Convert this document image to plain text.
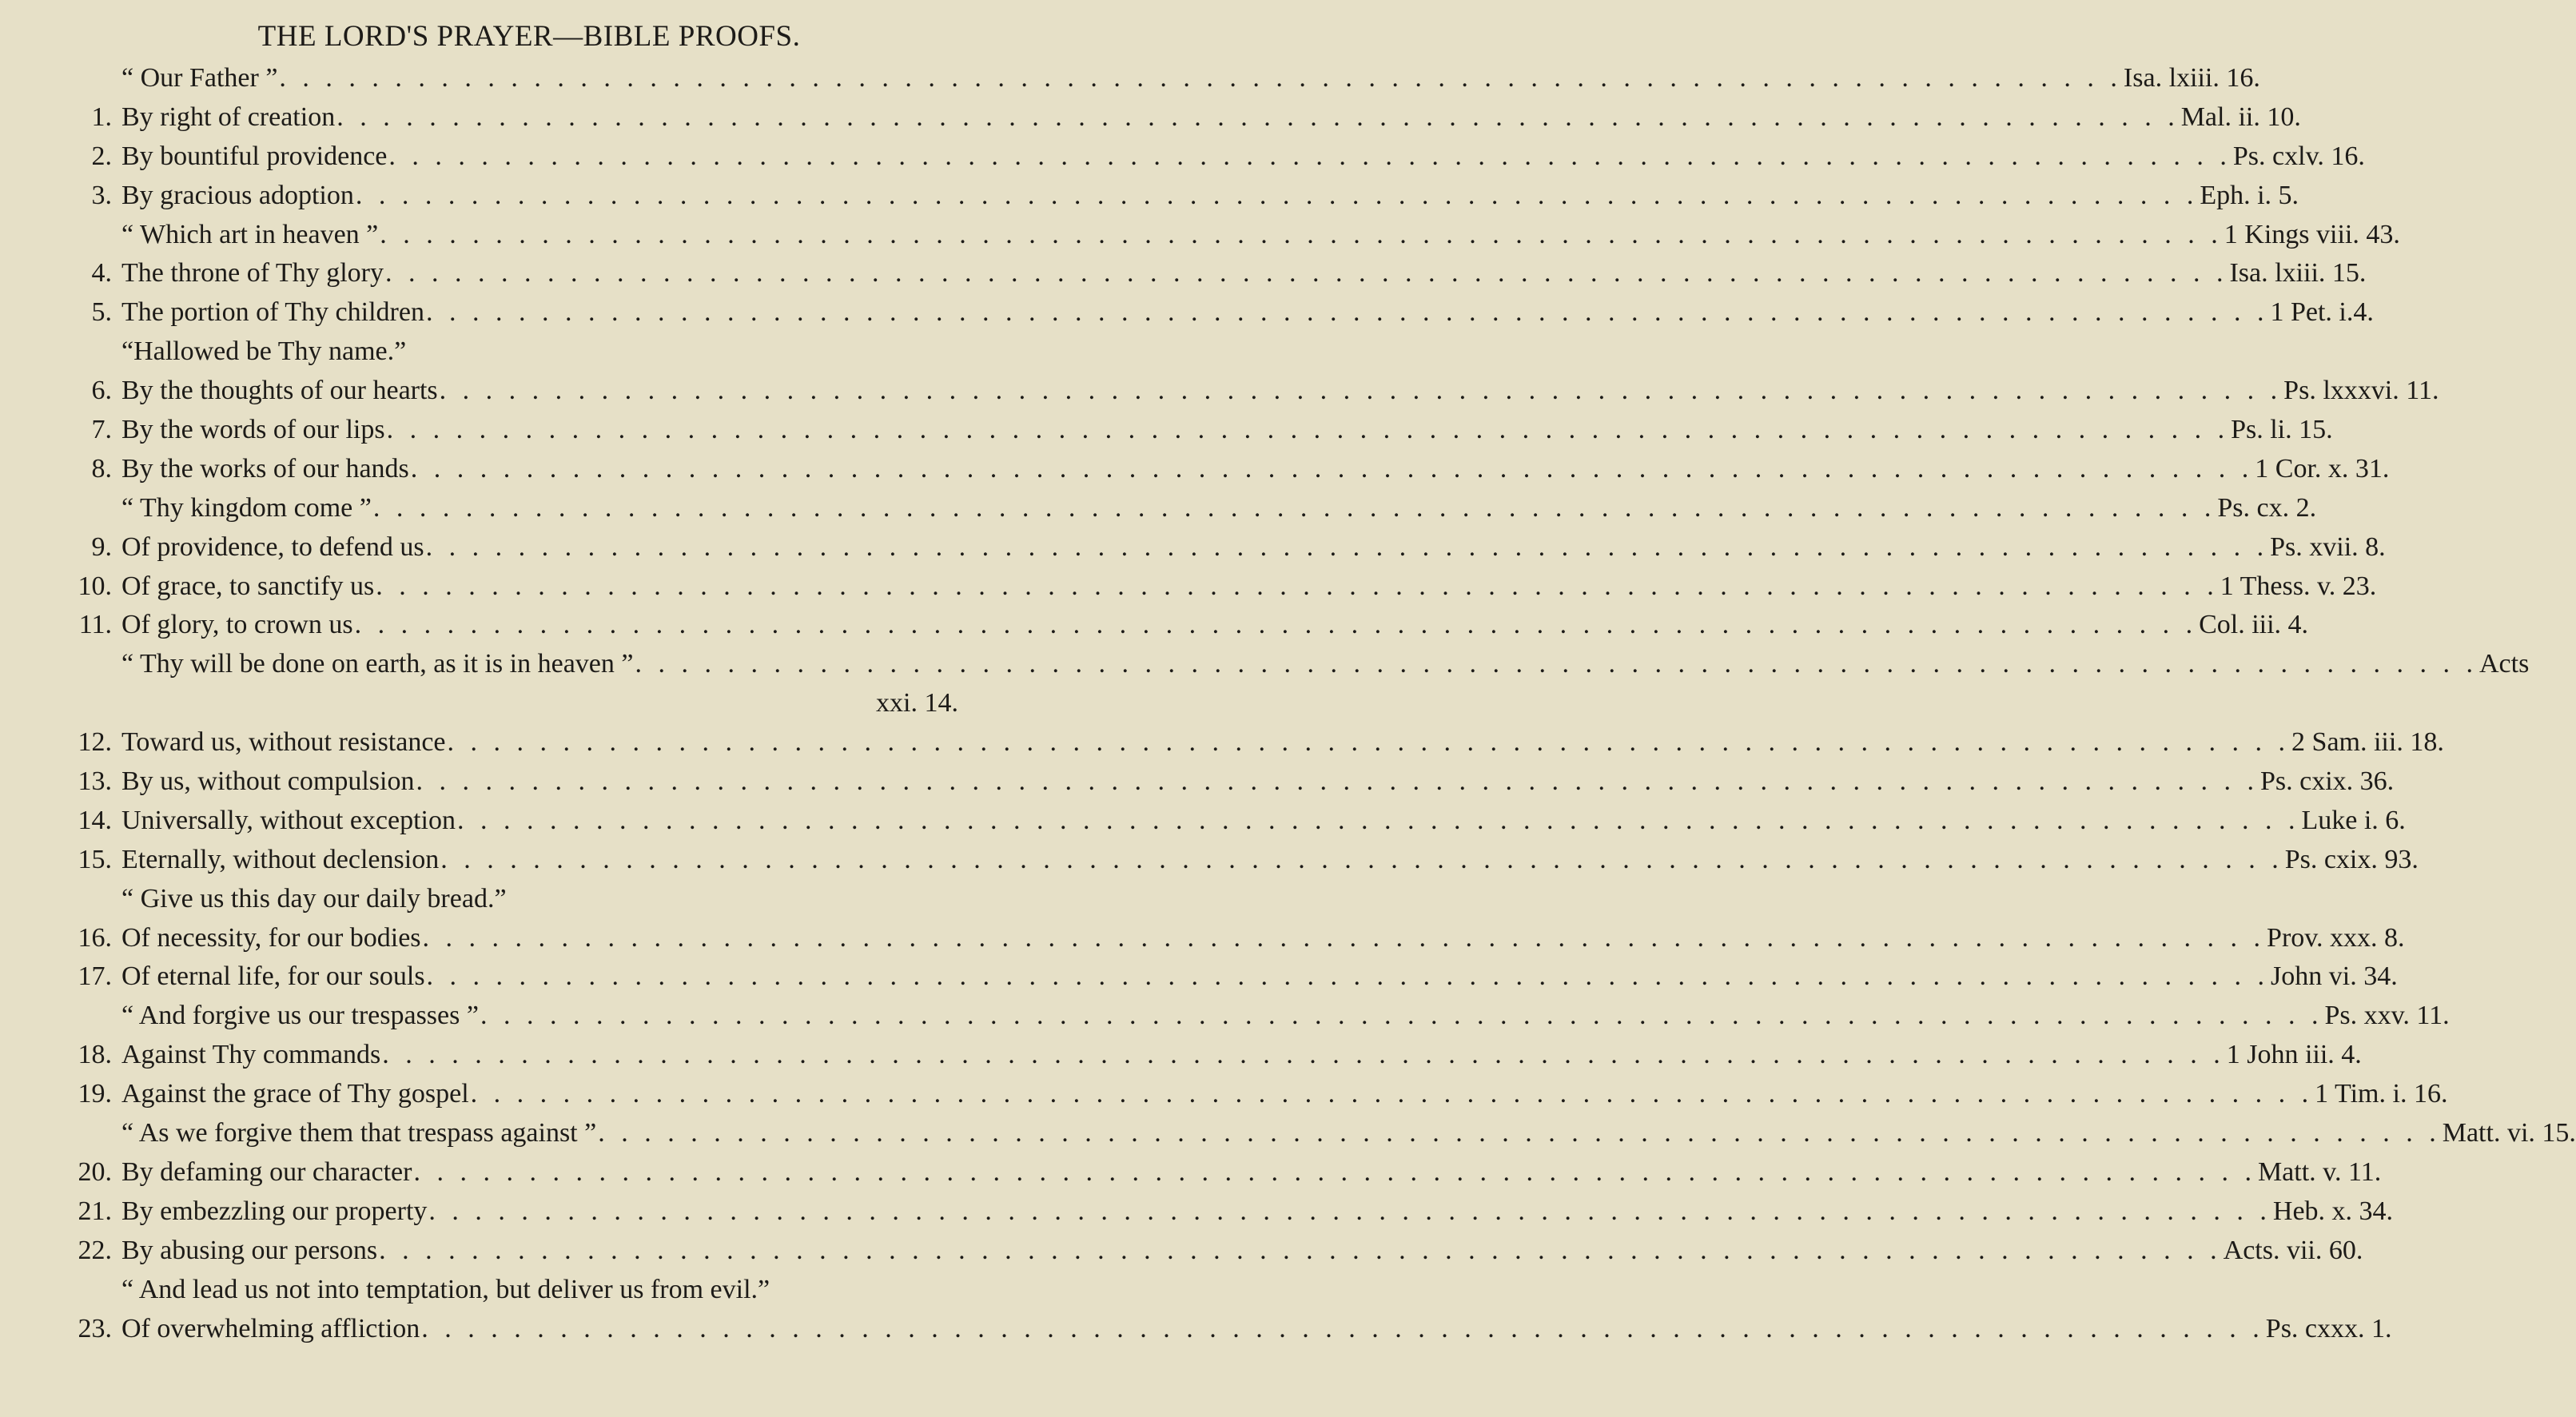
THE LORD'S PRAYER—BIBLE PROOFS.
“ Our Father ” . . . . . . . . . . . . . . . . . . . . . . . . . . . . . . . . . . . . . . . . . . . . . . . . . . . . . . . . . . . . . . . . . . . . . . . . . . . . . . . . Isa. lxiii. 16.
1. By right of creation . . . . . . . . . . . . . . . . . . . . . . . . . . . . . . . . . . . . . . . . . . . . . . . . . . . . . . . . . . . . . . . . . . . . . . . . . . . . . . . . Mal. ii. 10.
2. By bountiful providence . . . . . . . . . . . . . . . . . . . . . . . . . . . . . . . . . . . . . . . . . . . . . . . . . . . . . . . . . . . . . . . . . . . . . . . . . . . . . . . . Ps. cxlv. 16.
3. By gracious adoption . . . . . . . . . . . . . . . . . . . . . . . . . . . . . . . . . . . . . . . . . . . . . . . . . . . . . . . . . . . . . . . . . . . . . . . . . . . . . . . . Eph. i. 5.
“ Which art in heaven ” . . . . . . . . . . . . . . . . . . . . . . . . . . . . . . . . . . . . . . . . . . . . . . . . . . . . . . . . . . . . . . . . . . . . . . . . . . . . . . . . 1 Kings viii. 43.
4. The throne of Thy glory . . . . . . . . . . . . . . . . . . . . . . . . . . . . . . . . . . . . . . . . . . . . . . . . . . . . . . . . . . . . . . . . . . . . . . . . . . . . . . . . Isa. lxiii. 15.
5. The portion of Thy children . . . . . . . . . . . . . . . . . . . . . . . . . . . . . . . . . . . . . . . . . . . . . . . . . . . . . . . . . . . . . . . . . . . . . . . . . . . . . . . . 1 Pet. i.4.
“Hallowed be Thy name.”
6. By the thoughts of our hearts . . . . . . . . . . . . . . . . . . . . . . . . . . . . . . . . . . . . . . . . . . . . . . . . . . . . . . . . . . . . . . . . . . . . . . . . . . . . . . . . Ps. lxxxvi. 11.
7. By the words of our lips . . . . . . . . . . . . . . . . . . . . . . . . . . . . . . . . . . . . . . . . . . . . . . . . . . . . . . . . . . . . . . . . . . . . . . . . . . . . . . . . Ps. li. 15.
8. By the works of our hands . . . . . . . . . . . . . . . . . . . . . . . . . . . . . . . . . . . . . . . . . . . . . . . . . . . . . . . . . . . . . . . . . . . . . . . . . . . . . . . . 1 Cor. x. 31.
“ Thy kingdom come ” . . . . . . . . . . . . . . . . . . . . . . . . . . . . . . . . . . . . . . . . . . . . . . . . . . . . . . . . . . . . . . . . . . . . . . . . . . . . . . . . Ps. cx. 2.
9. Of providence, to defend us . . . . . . . . . . . . . . . . . . . . . . . . . . . . . . . . . . . . . . . . . . . . . . . . . . . . . . . . . . . . . . . . . . . . . . . . . . . . . . . . Ps. xvii. 8.
10. Of grace, to sanctify us . . . . . . . . . . . . . . . . . . . . . . . . . . . . . . . . . . . . . . . . . . . . . . . . . . . . . . . . . . . . . . . . . . . . . . . . . . . . . . . . 1 Thess. v. 23.
11. Of glory, to crown us . . . . . . . . . . . . . . . . . . . . . . . . . . . . . . . . . . . . . . . . . . . . . . . . . . . . . . . . . . . . . . . . . . . . . . . . . . . . . . . . Col. iii. 4.
“ Thy will be done on earth, as it is in heaven ” . . . . . . . . . . . . . . . . . . . . . . . . . . . . . . . . . . . . . . . . . . . . . . . . . . . . . . . . . . . . . . . . . . . . . . . . . . . . . . . . Acts
xxi. 14.
12. Toward us, without resistance . . . . . . . . . . . . . . . . . . . . . . . . . . . . . . . . . . . . . . . . . . . . . . . . . . . . . . . . . . . . . . . . . . . . . . . . . . . . . . . . 2 Sam. iii. 18.
13. By us, without compulsion . . . . . . . . . . . . . . . . . . . . . . . . . . . . . . . . . . . . . . . . . . . . . . . . . . . . . . . . . . . . . . . . . . . . . . . . . . . . . . . . Ps. cxix. 36.
14. Universally, without exception . . . . . . . . . . . . . . . . . . . . . . . . . . . . . . . . . . . . . . . . . . . . . . . . . . . . . . . . . . . . . . . . . . . . . . . . . . . . . . . . Luke i. 6.
15. Eternally, without declension . . . . . . . . . . . . . . . . . . . . . . . . . . . . . . . . . . . . . . . . . . . . . . . . . . . . . . . . . . . . . . . . . . . . . . . . . . . . . . . . Ps. cxix. 93.
“ Give us this day our daily bread.”
16. Of necessity, for our bodies . . . . . . . . . . . . . . . . . . . . . . . . . . . . . . . . . . . . . . . . . . . . . . . . . . . . . . . . . . . . . . . . . . . . . . . . . . . . . . . . Prov. xxx. 8.
17. Of eternal life, for our souls . . . . . . . . . . . . . . . . . . . . . . . . . . . . . . . . . . . . . . . . . . . . . . . . . . . . . . . . . . . . . . . . . . . . . . . . . . . . . . . . John vi. 34.
“ And forgive us our trespasses ” . . . . . . . . . . . . . . . . . . . . . . . . . . . . . . . . . . . . . . . . . . . . . . . . . . . . . . . . . . . . . . . . . . . . . . . . . . . . . . . . Ps. xxv. 11.
18. Against Thy commands . . . . . . . . . . . . . . . . . . . . . . . . . . . . . . . . . . . . . . . . . . . . . . . . . . . . . . . . . . . . . . . . . . . . . . . . . . . . . . . . 1 John iii. 4.
19. Against the grace of Thy gospel . . . . . . . . . . . . . . . . . . . . . . . . . . . . . . . . . . . . . . . . . . . . . . . . . . . . . . . . . . . . . . . . . . . . . . . . . . . . . . . . 1 Tim. i. 16.
“ As we forgive them that trespass against ” . . . . . . . . . . . . . . . . . . . . . . . . . . . . . . . . . . . . . . . . . . . . . . . . . . . . . . . . . . . . . . . . . . . . . . . . . . . . . . . . Matt. vi. 15.
20. By defaming our character . . . . . . . . . . . . . . . . . . . . . . . . . . . . . . . . . . . . . . . . . . . . . . . . . . . . . . . . . . . . . . . . . . . . . . . . . . . . . . . . Matt. v. 11.
21. By embezzling our property . . . . . . . . . . . . . . . . . . . . . . . . . . . . . . . . . . . . . . . . . . . . . . . . . . . . . . . . . . . . . . . . . . . . . . . . . . . . . . . . Heb. x. 34.
22. By abusing our persons . . . . . . . . . . . . . . . . . . . . . . . . . . . . . . . . . . . . . . . . . . . . . . . . . . . . . . . . . . . . . . . . . . . . . . . . . . . . . . . . Acts. vii. 60.
“ And lead us not into temptation, but deliver us from evil.”
23. Of overwhelming affliction . . . . . . . . . . . . . . . . . . . . . . . . . . . . . . . . . . . . . . . . . . . . . . . . . . . . . . . . . . . . . . . . . . . . . . . . . . . . . . . . Ps. cxxx. 1.
